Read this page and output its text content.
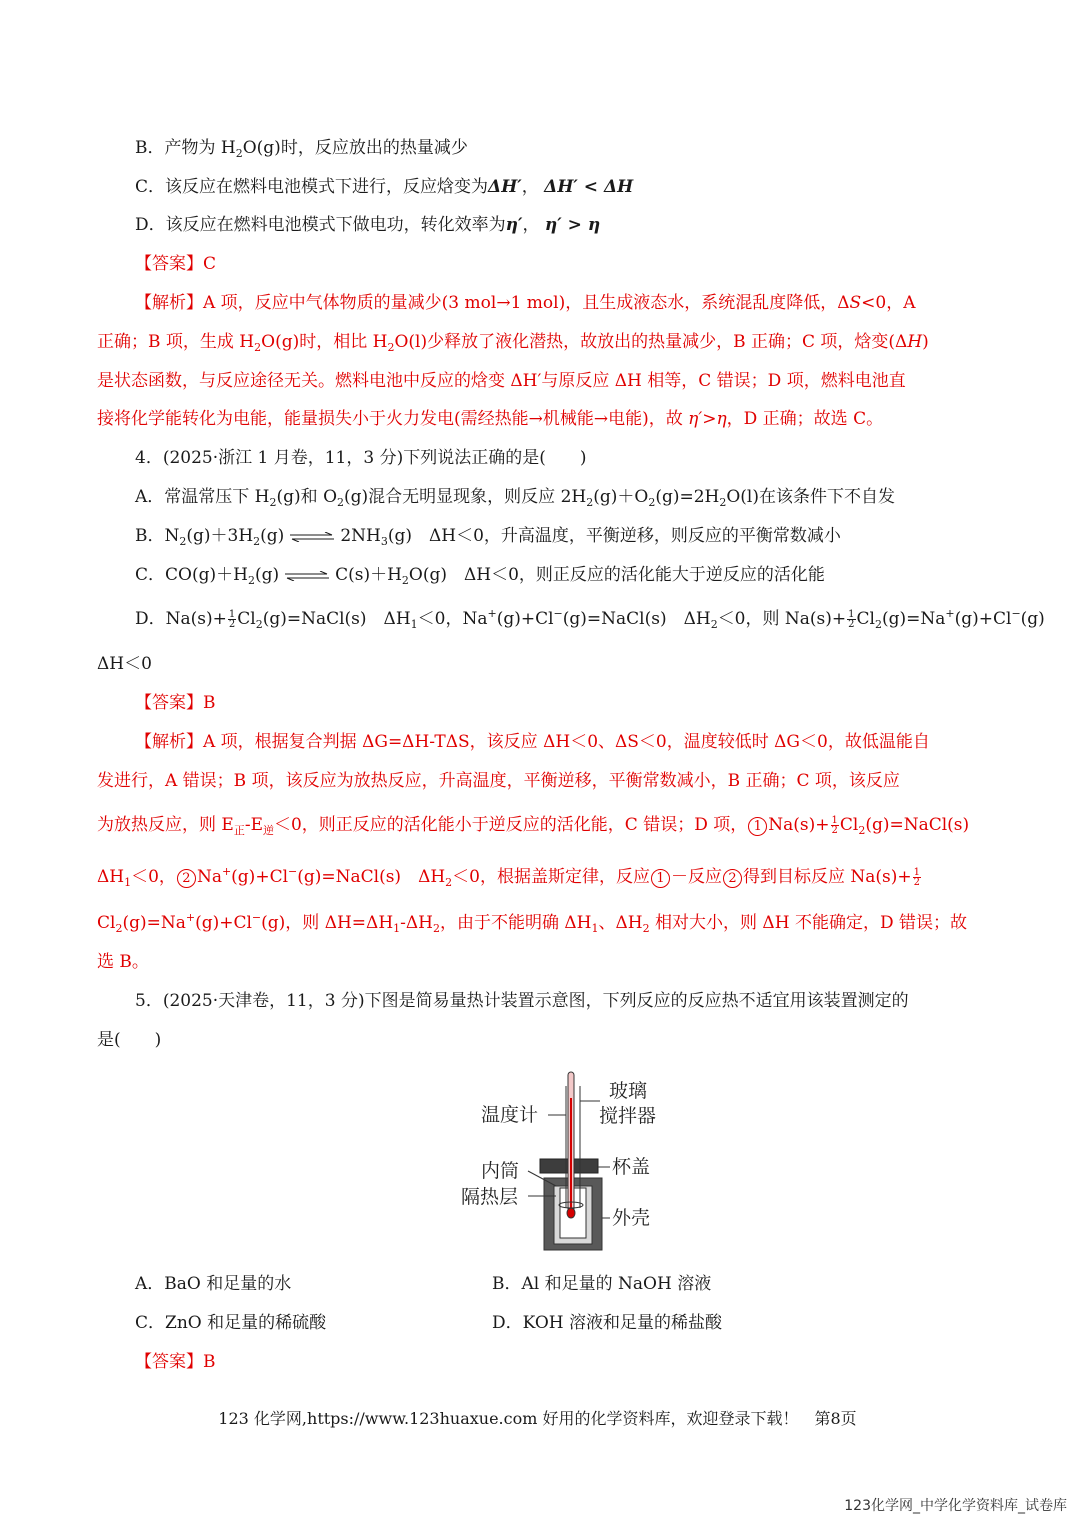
B．产物为 $H_2O(g)$时，反应放出的热量减少
C．该反应在燃料电池模式下进行，反应焓变为ΔH′， ΔH′ < ΔH
D．该反应在燃料电池模式下做电功，转化效率为η′， η′ > η
【答案】C
【解析】A 项，反应中气体物质的量减少(3 mol→1 mol)，且生成液态水，系统混乱度降低，ΔS<0，A
正确；B 项，生成 $H_2O(g)$时，相比 $H_2O(l)$少释放了液化潜热，故放出的热量减少，B 正确；C 项，焓变(ΔH)
是状态函数，与反应途径无关。燃料电池中反应的焓变 ΔH′与原反应 ΔH 相等，C 错误；D 项，燃料电池直
接将化学能转化为电能，能量损失小于火力发电(需经热能→机械能→电能)，故 η′>η，D 正确；故选 C。
4．(2025·浙江 1 月卷，11，3 分)下列说法正确的是(　　)
A．常温常压下 $H_2(g)$和 $O_2(g)$混合无明显现象，则反应 $2H_2(g)+O_2(g)=2H_2O(l)$在该条件下不自发
B．$N_2(g)+3H_2(g)$ ⇌ $2NH_3(g)$　ΔH＜0，升高温度，平衡逆移，则反应的平衡常数减小
C．$CO(g)+H_2(g)$ ⇌ $C(s)+H_2O(g)$　ΔH＜0，则正反应的活化能大于逆反应的活化能
D．$Na(s)+ \frac{1}{2}$ $Cl_2(g)=NaCl(s)$　$\Delta H_1<0$，Na+(g)+Cl−(g)=NaCl(s)　$\Delta H_2<0$，则 $Na(s)+ \frac{1}{2} Cl_2(g)=Na^+(g)+Cl^-(g)$
ΔH＜0
【答案】B
【解析】A 项，根据复合判据 ΔG=ΔH-TΔS，该反应 ΔH＜0、ΔS＜0，温度较低时 ΔG＜0，故低温能自
发进行，A 错误；B 项，该反应为放热反应，升高温度，平衡逆移，平衡常数减小，B 正确；C 项，该反应
为放热反应，则 $E_正-E_逆<0$，则正反应的活化能小于逆反应的活化能，C 错误；D 项， 1 $Na(s)+ \frac{1}{2}$ $Cl_2(g)=NaCl(s)$
$\Delta H_1<0$， 2 Na+(g)+Cl−(g)=NaCl(s)　$\Delta H_2<0$，根据盖斯定律，反应 1 －反应 2 得到目标反应 $Na(s)+ \frac{1}{2}$
$Cl_2(g)=Na^+(g)+Cl^-(g)$，则 $\Delta H=\Delta H_1-\Delta H_2$，由于不能明确 $\Delta H_1$、$\Delta H_2$ 相对大小，则 ΔH 不能确定，D 错误；故
选 B。
5．(2025·天津卷，11，3 分)下图是简易量热计装置示意图，下列反应的反应热不适宜用该装置测定的
是(　　)
温度计
玻璃
搅拌器
内筒
隔热层
杯盖
外壳
A．BaO 和足量的水	B．Al 和足量的 NaOH 溶液
C．ZnO 和足量的稀硫酸	D．KOH 溶液和足量的稀盐酸
【答案】B
123 化学网,https://www.123huaxue.com 好用的化学资料库，欢迎登录下载！　第8页
123化学网_中学化学资料库_试卷库
